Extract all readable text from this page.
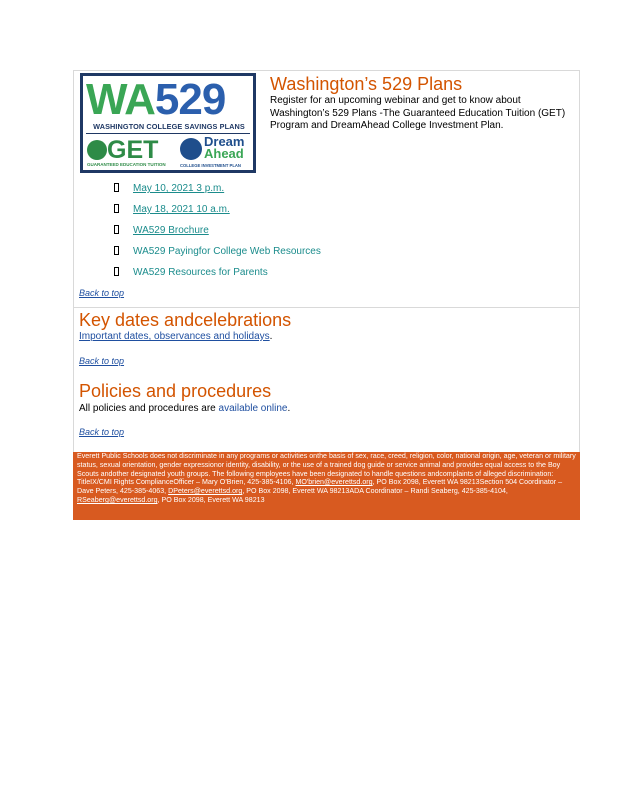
WA529
WASHINGTON COLLEGE SAVINGS PLANS
GET
GUARANTEED EDUCATION TUITION
Dream
Ahead
COLLEGE INVESTMENT PLAN
Washington’s 529 Plans
Register for an upcoming webinar and get to know about Washington’s 529 Plans -The Guaranteed Education Tuition (GET) Program and DreamAhead College Investment Plan.
May 10, 2021 3 p.m.
May 18, 2021 10 a.m.
WA529 Brochure
WA529 Payingfor College Web Resources
WA529 Resources for Parents
Back to top
Key dates andcelebrations
Important dates, observances and holidays.
Back to top
Policies and procedures
All policies and procedures are available online.
Back to top
Everett Public Schools does not discriminate in any programs or activities onthe basis of sex, race, creed, religion, color, national origin, age, veteran or military status, sexual orientation, gender expressionor identity, disability, or the use of a trained dog guide or service animal and provides equal access to the Boy Scouts andother designated youth groups. The following employees have been designated to handle questions andcomplaints of alleged discrimination: TitleIX/CMI Rights ComplianceOfficer – Mary O’Brien, 425-385-4106, MO'brien@everettsd.org, PO Box 2098, Everett WA 98213Section 504 Coordinator – Dave Peters, 425-385-4063, DPeters@everettsd.org, PO Box 2098, Everett WA 98213ADA Coordinator – Randi Seaberg, 425-385-4104, RSeaberg@everettsd.org, PO Box 2098, Everett WA 98213
